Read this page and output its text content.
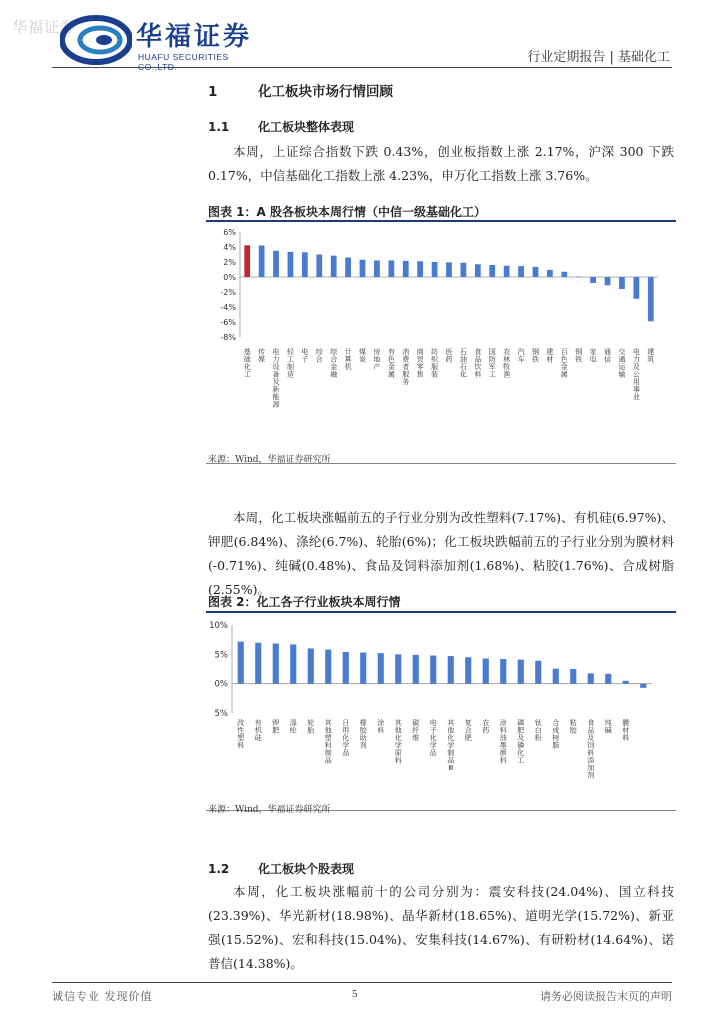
华福证券 华福证券
HUAFU SECURITIES CO.,LTD.
行业定期报告 | 基础化工
1	化工板块市场行情回顾
1.1 化工板块整体表现

本周，上证综合指数下跌 0.43%，创业板指数上涨 2.17%，沪深 300 下跌 0.17%，中信基础化工指数上涨 4.23%，申万化工指数上涨 3.76%。

图表 1：A 股各板块本周行情（中信一级基础化工）
-8%
-6%
-4%
-2%
0%
2%
4%
6%
基础化工
传媒
电力设备及新能源
轻工制造
电子
综合
综合金融
计算机
煤炭
房地产
有色金属
消费者服务
商贸零售
纺织服装
医药
石油石化
食品饮料
国防军工
农林牧渔
汽车
钢铁
建材
百色金属
钢铁
家电
通信
交通运输
电力及公用事业
建筑
来源：Wind，华福证券研究所

本周，化工板块涨幅前五的子行业分别为改性塑料(7.17%)、有机硅(6.97%)、钾肥(6.84%)、涤纶(6.7%)、轮胎(6%)；化工板块跌幅前五的子行业分别为膜材料(-0.71%)、纯碱(0.48%)、食品及饲料添加剂(1.68%)、粘胶(1.76%)、合成树脂(2.55%)。

图表 2：化工各子行业板块本周行情
5%
0%
5%
10%
改性塑料
有机硅
钾肥
涤纶
轮胎
其他塑料制品
日用化学品
橡胶助剂
涂料
其他化学原料
碳纤维
电子化学品
其他化学制品 Ⅲ
复合肥
农药
涂料油墨颜料
磷肥及磷化工
钛白粉
合成树脂
粘胶
食品及饲料添加剂
纯碱
膜材料
来源：Wind，华福证券研究所
1.2 化工板块个股表现

本周，化工板块涨幅前十的公司分别为：震安科技(24.04%)、国立科技(23.39%)、华光新材(18.98%)、晶华新材(18.65%)、道明光学(15.72%)、新亚强(15.52%)、宏和科技(15.04%)、安集科技(14.67%)、有研粉材(14.64%)、诺普信(14.38%)。

诚信专业 发现价值	5	请务必阅读报告末页的声明
